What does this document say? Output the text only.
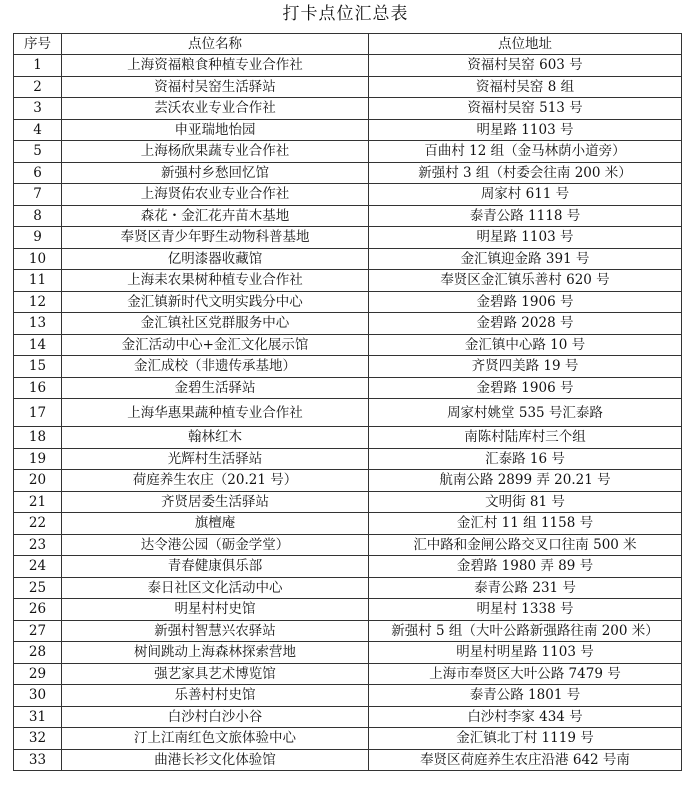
打卡点位汇总表
序号	点位名称	点位地址
1	上海资福粮食种植专业合作社	资福村吴窑 603 号
2	资福村吴窑生活驿站	资福村吴窑 8 组
3	芸沃农业专业合作社	资福村吴窑 513 号
4	申亚瑞地怡园	明星路 1103 号
5	上海杨欣果蔬专业合作社	百曲村 12 组（金马林荫小道旁）
6	新强村乡愁回忆馆	新强村 3 组（村委会往南 200 米）
7	上海贤佑农业专业合作社	周家村 611 号
8	森花・金汇花卉苗木基地	泰青公路 1118 号
9	奉贤区青少年野生动物科普基地	明星路 1103 号
10	亿明漆器收藏馆	金汇镇迎金路 391 号
11	上海耒农果树种植专业合作社	奉贤区金汇镇乐善村 620 号
12	金汇镇新时代文明实践分中心	金碧路 1906 号
13	金汇镇社区党群服务中心	金碧路 2028 号
14	金汇活动中心+金汇文化展示馆	金汇镇中心路 10 号
15	金汇成校（非遗传承基地）	齐贤四美路 19 号
16	金碧生活驿站	金碧路 1906 号
17	上海华惠果蔬种植专业合作社	周家村姚堂 535 号汇泰路
18	翰林红木	南陈村陆库村三个组
19	光辉村生活驿站	汇泰路 16 号
20	荷庭养生农庄（20.21 号）	航南公路 2899 弄 20.21 号
21	齐贤居委生活驿站	文明街 81 号
22	旗檀庵	金汇村 11 组 1158 号
23	达令港公园（砺金学堂）	汇中路和金闸公路交叉口往南 500 米
24	青春健康俱乐部	金碧路 1980 弄 89 号
25	泰日社区文化活动中心	泰青公路 231 号
26	明星村村史馆	明星村 1338 号
27	新强村智慧兴农驿站	新强村 5 组（大叶公路新强路往南 200 米）
28	树间跳动上海森林探索营地	明星村明星路 1103 号
29	强艺家具艺术博览馆	上海市奉贤区大叶公路 7479 号
30	乐善村村史馆	泰青公路 1801 号
31	白沙村白沙小谷	白沙村李家 434 号
32	汀上江南红色文旅体验中心	金汇镇北丁村 1119 号
33	曲港长衫文化体验馆	奉贤区荷庭养生农庄沿港 642 号南
